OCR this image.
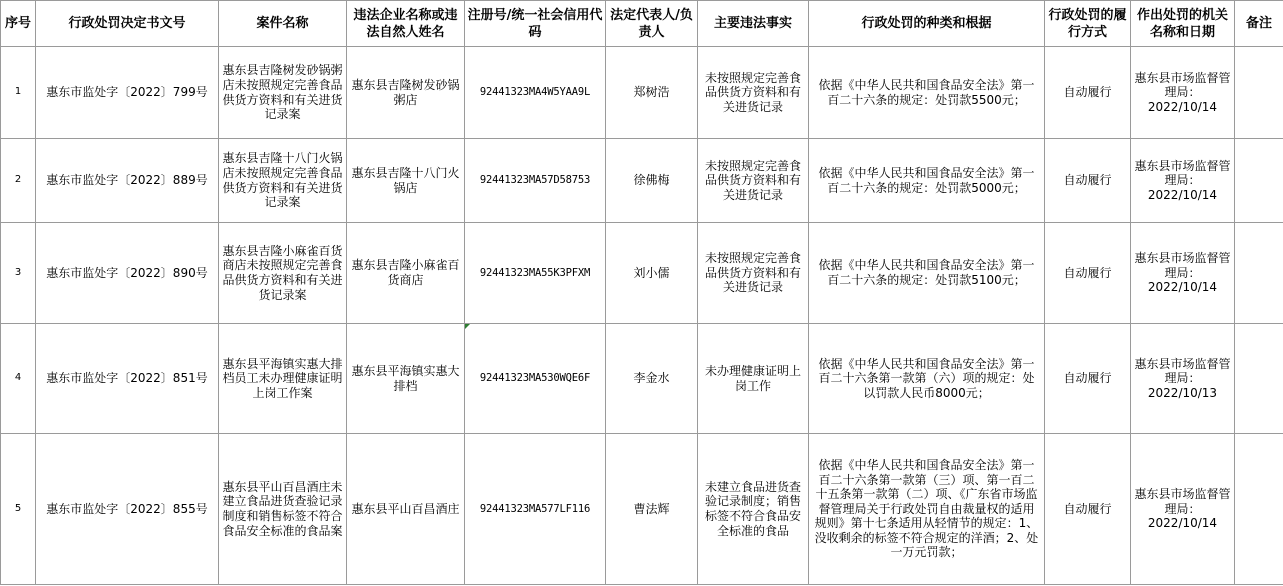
序号	行政处罚决定书文号	案件名称	违法企业名称或违法自然人姓名	注册号/统一社会信用代码	法定代表人/负责人	主要违法事实	行政处罚的种类和根据	行政处罚的履行方式	作出处罚的机关名称和日期	备注
1	惠东市监处字〔2022〕799号	惠东县吉隆树发砂锅粥店未按照规定完善食品供货方资料和有关进货记录案	惠东县吉隆树发砂锅粥店	92441323MA4W5YAA9L	郑树浩	未按照规定完善食品供货方资料和有关进货记录	依据《中华人民共和国食品安全法》第一百二十六条的规定：处罚款5500元；	自动履行	惠东县市场监督管理局：
2022/10/14	
2	惠东市监处字〔2022〕889号	惠东县吉隆十八门火锅店未按照规定完善食品供货方资料和有关进货记录案	惠东县吉隆十八门火锅店	92441323MA57D58753	徐佛梅	未按照规定完善食品供货方资料和有关进货记录	依据《中华人民共和国食品安全法》第一百二十六条的规定：处罚款5000元；	自动履行	惠东县市场监督管理局：
2022/10/14	
3	惠东市监处字〔2022〕890号	惠东县吉隆小麻雀百货商店未按照规定完善食品供货方资料和有关进货记录案	惠东县吉隆小麻雀百货商店	92441323MA55K3PFXM	刘小儒	未按照规定完善食品供货方资料和有关进货记录	依据《中华人民共和国食品安全法》第一百二十六条的规定：处罚款5100元；	自动履行	惠东县市场监督管理局：
2022/10/14	
4	惠东市监处字〔2022〕851号	惠东县平海镇实惠大排档员工未办理健康证明上岗工作案	惠东县平海镇实惠大排档	92441323MA530WQE6F	李金水	未办理健康证明上岗工作	依据《中华人民共和国食品安全法》第一百二十六条第一款第（六）项的规定：处以罚款人民币8000元；	自动履行	惠东县市场监督管理局：
2022/10/13	
5	惠东市监处字〔2022〕855号	惠东县平山百昌酒庄未建立食品进货查验记录制度和销售标签不符合食品安全标准的食品案	惠东县平山百昌酒庄	92441323MA577LF116	曹法辉	未建立食品进货查验记录制度；销售标签不符合食品安全标准的食品	依据《中华人民共和国食品安全法》第一百二十六条第一款第（三）项、第一百二十五条第一款第（二）项、《广东省市场监督管理局关于行政处罚自由裁量权的适用规则》第十七条适用从轻情节的规定：1、没收剩余的标签不符合规定的洋酒；2、处一万元罚款；	自动履行	惠东县市场监督管理局：
2022/10/14	
